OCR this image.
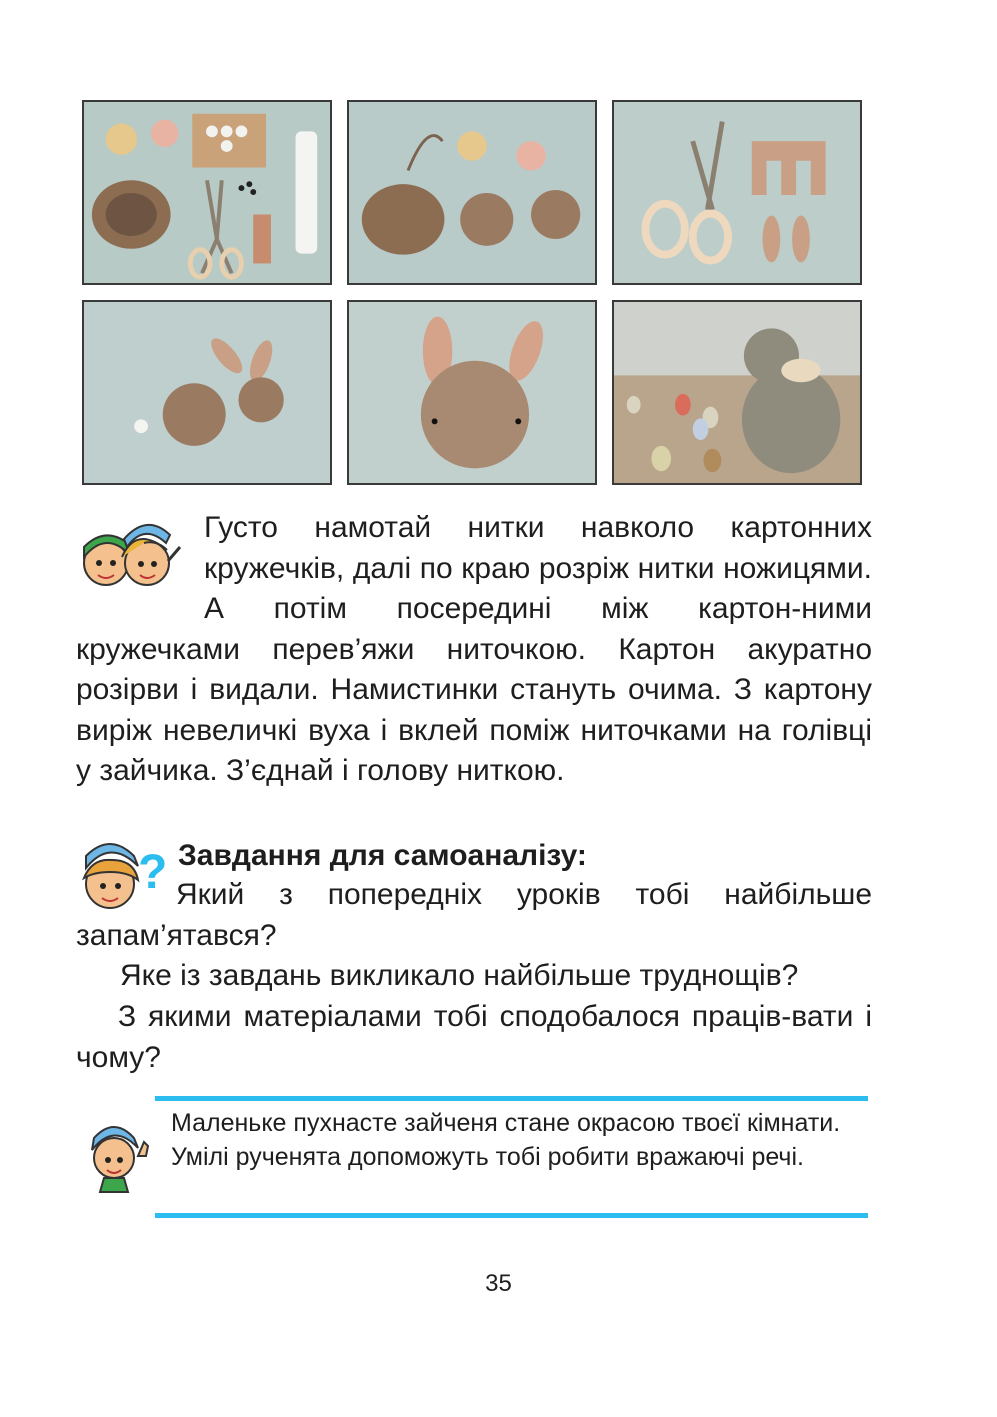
Густо намотай нитки навколо картонних кружечків, далі по краю розріж нитки ножицями. А потім посередині між картон-ними кружечками перев’яжи ниточкою. Картон акуратно розірви і видали. Намистинки стануть очима. З картону виріж невеличкі вуха і вклей поміж ниточками на голівці у зайчика. З’єднай і голову ниткою.

? Завдання для самоаналізу:

Який з попередніх уроків тобі найбільше запам’ятався?

Яке із завдань викликало найбільше труднощів?

З якими матеріалами тобі сподобалося праців-вати і чому?

Маленьке пухнасте зайченя стане окрасою твоєї кімнати. Умілі рученята допоможуть тобі робити вражаючі речі.

35
